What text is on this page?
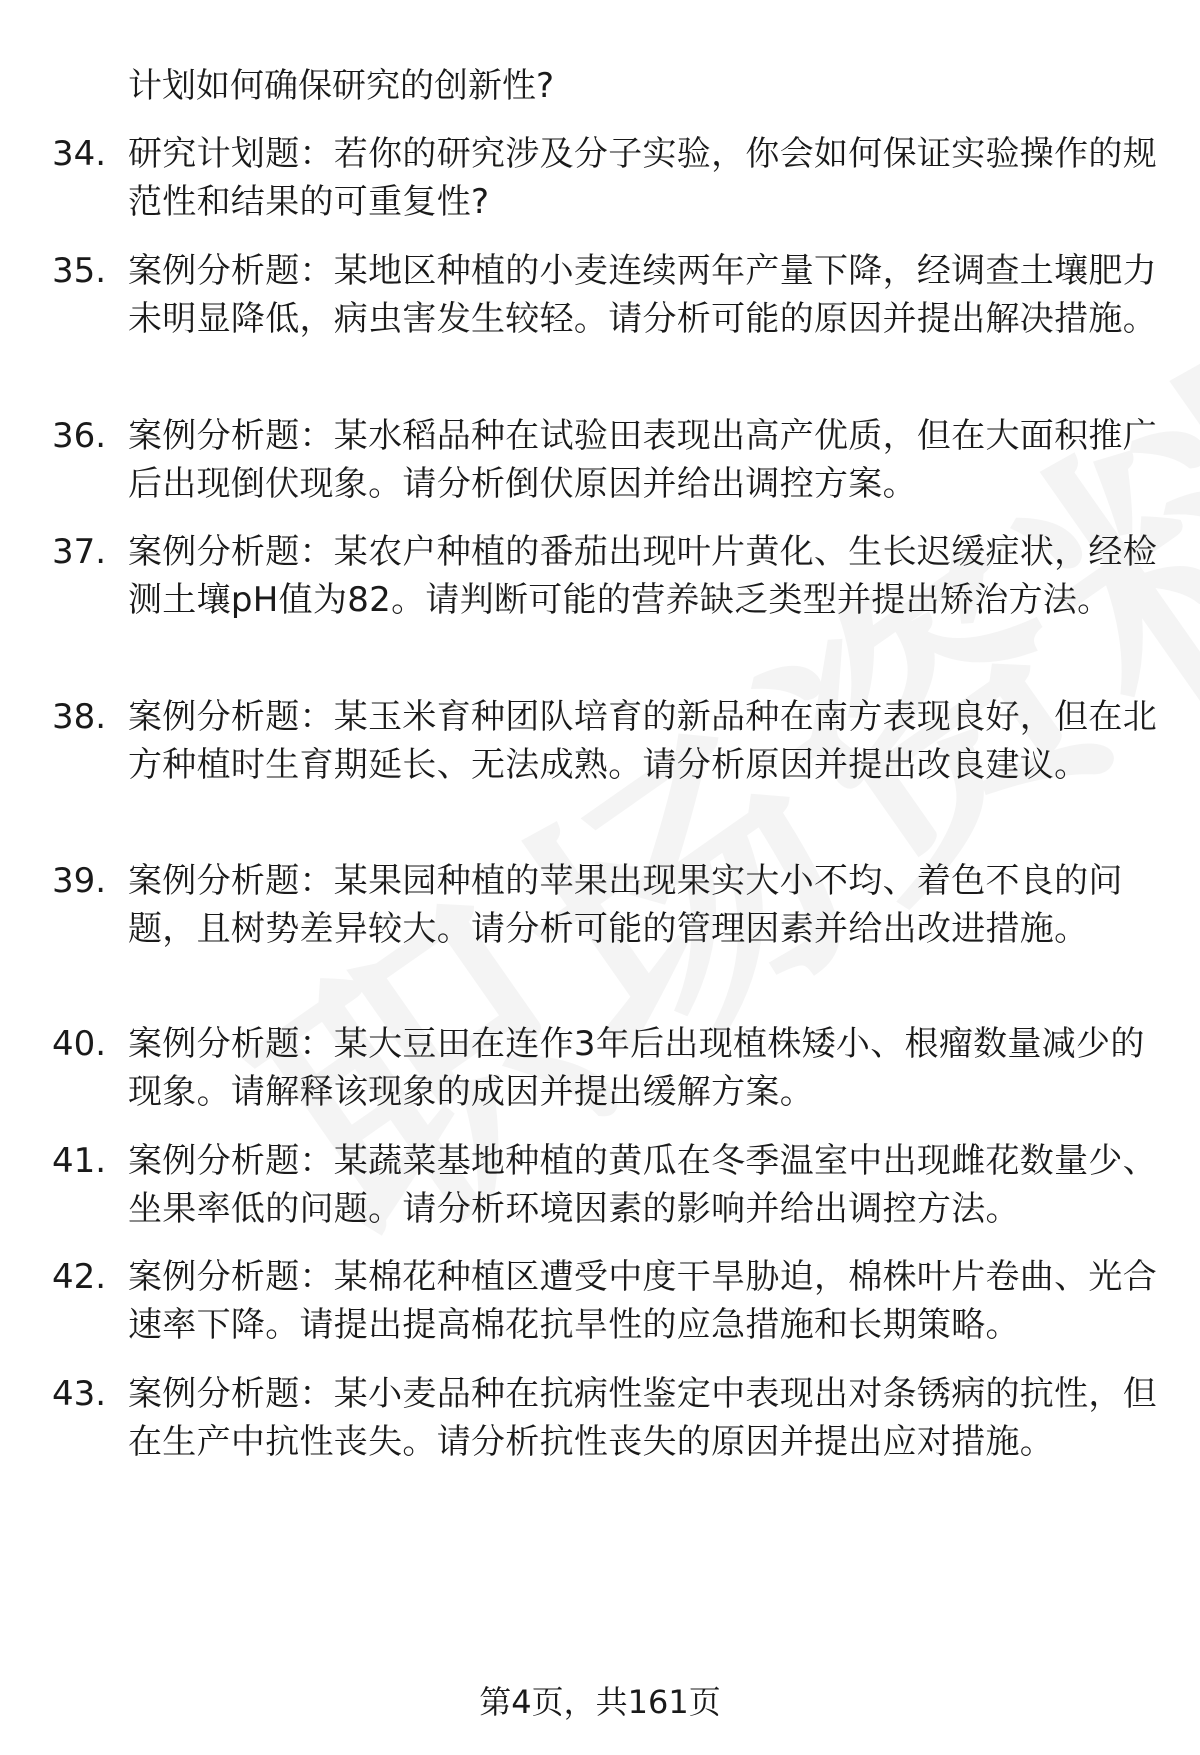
计划如何确保研究的创新性?
34. 研究计划题：若你的研究涉及分子实验，你会如何保证实验操作的规范性和结果的可重复性?
35. 案例分析题：某地区种植的小麦连续两年产量下降，经调查土壤肥力未明显降低，病虫害发生较轻。请分析可能的原因并提出解决措施。
36. 案例分析题：某水稻品种在试验田表现出高产优质，但在大面积推广后出现倒伏现象。请分析倒伏原因并给出调控方案。
37. 案例分析题：某农户种植的番茄出现叶片黄化、生长迟缓症状，经检测土壤pH值为82。请判断可能的营养缺乏类型并提出矫治方法。
38. 案例分析题：某玉米育种团队培育的新品种在南方表现良好，但在北方种植时生育期延长、无法成熟。请分析原因并提出改良建议。
39. 案例分析题：某果园种植的苹果出现果实大小不均、着色不良的问题，且树势差异较大。请分析可能的管理因素并给出改进措施。
40. 案例分析题：某大豆田在连作3年后出现植株矮小、根瘤数量减少的现象。请解释该现象的成因并提出缓解方案。
41. 案例分析题：某蔬菜基地种植的黄瓜在冬季温室中出现雌花数量少、坐果率低的问题。请分析环境因素的影响并给出调控方法。
42. 案例分析题：某棉花种植区遭受中度干旱胁迫，棉株叶片卷曲、光合速率下降。请提出提高棉花抗旱性的应急措施和长期策略。
43. 案例分析题：某小麦品种在抗病性鉴定中表现出对条锈病的抗性，但在生产中抗性丧失。请分析抗性丧失的原因并提出应对措施。
第4页，共161页
